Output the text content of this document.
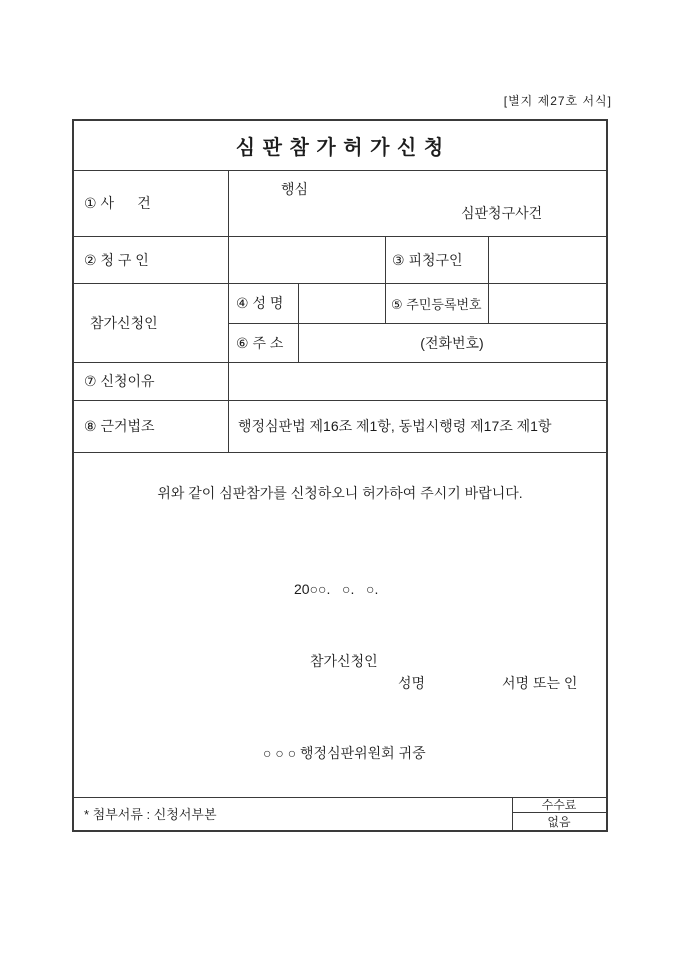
[별지 제27호 서식]
심 판 참 가 허 가 신 청
① 사      건
행심
심판청구사건
② 청 구 인	③ 피청구인
참가신청인
④ 성 명	⑤ 주민등록번호
⑥ 주 소	(전화번호)
⑦ 신청이유
⑧ 근거법조	행정심판법 제16조 제1항, 동법시행령 제17조 제1항
위와 같이 심판참가를 신청하오니 허가하여 주시기 바랍니다.
20○○.   ○.   ○.
참가신청인
성명	서명 또는 인
○ ○ ○ 행정심판위원회 귀중
* 첨부서류 : 신청서부본
수수료
없음
